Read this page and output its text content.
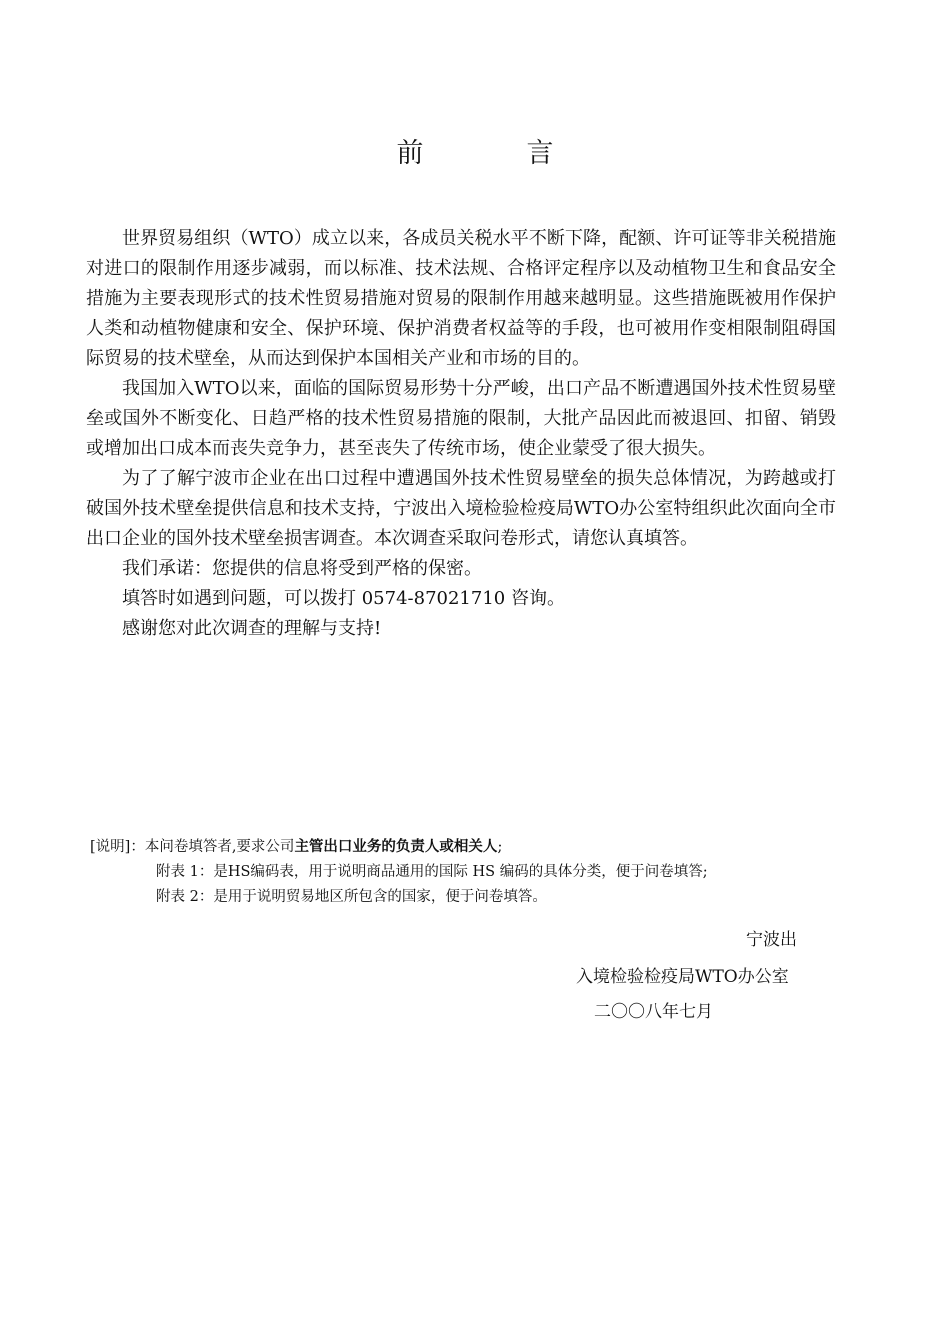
前　言

世界贸易组织（WTO）成立以来，各成员关税水平不断下降，配额、许可证等非关税措施对进口的限制作用逐步减弱，而以标准、技术法规、合格评定程序以及动植物卫生和食品安全措施为主要表现形式的技术性贸易措施对贸易的限制作用越来越明显。这些措施既被用作保护人类和动植物健康和安全、保护环境、保护消费者权益等的手段，也可被用作变相限制阻碍国际贸易的技术壁垒，从而达到保护本国相关产业和市场的目的。

我国加入WTO以来，面临的国际贸易形势十分严峻，出口产品不断遭遇国外技术性贸易壁垒或国外不断变化、日趋严格的技术性贸易措施的限制，大批产品因此而被退回、扣留、销毁或增加出口成本而丧失竞争力，甚至丧失了传统市场，使企业蒙受了很大损失。

为了了解宁波市企业在出口过程中遭遇国外技术性贸易壁垒的损失总体情况，为跨越或打破国外技术壁垒提供信息和技术支持，宁波出入境检验检疫局WTO办公室特组织此次面向全市出口企业的国外技术壁垒损害调查。本次调查采取问卷形式，请您认真填答。

我们承诺：您提供的信息将受到严格的保密。

填答时如遇到问题，可以拨打 0574-87021710 咨询。

感谢您对此次调查的理解与支持!

[说明]：本问卷填答者,要求公司主管出口业务的负责人或相关人;
附表 1：是HS编码表，用于说明商品通用的国际 HS 编码的具体分类，便于问卷填答;
附表 2：是用于说明贸易地区所包含的国家，便于问卷填答。
宁波出
入境检验检疫局WTO办公室
二〇〇八年七月
